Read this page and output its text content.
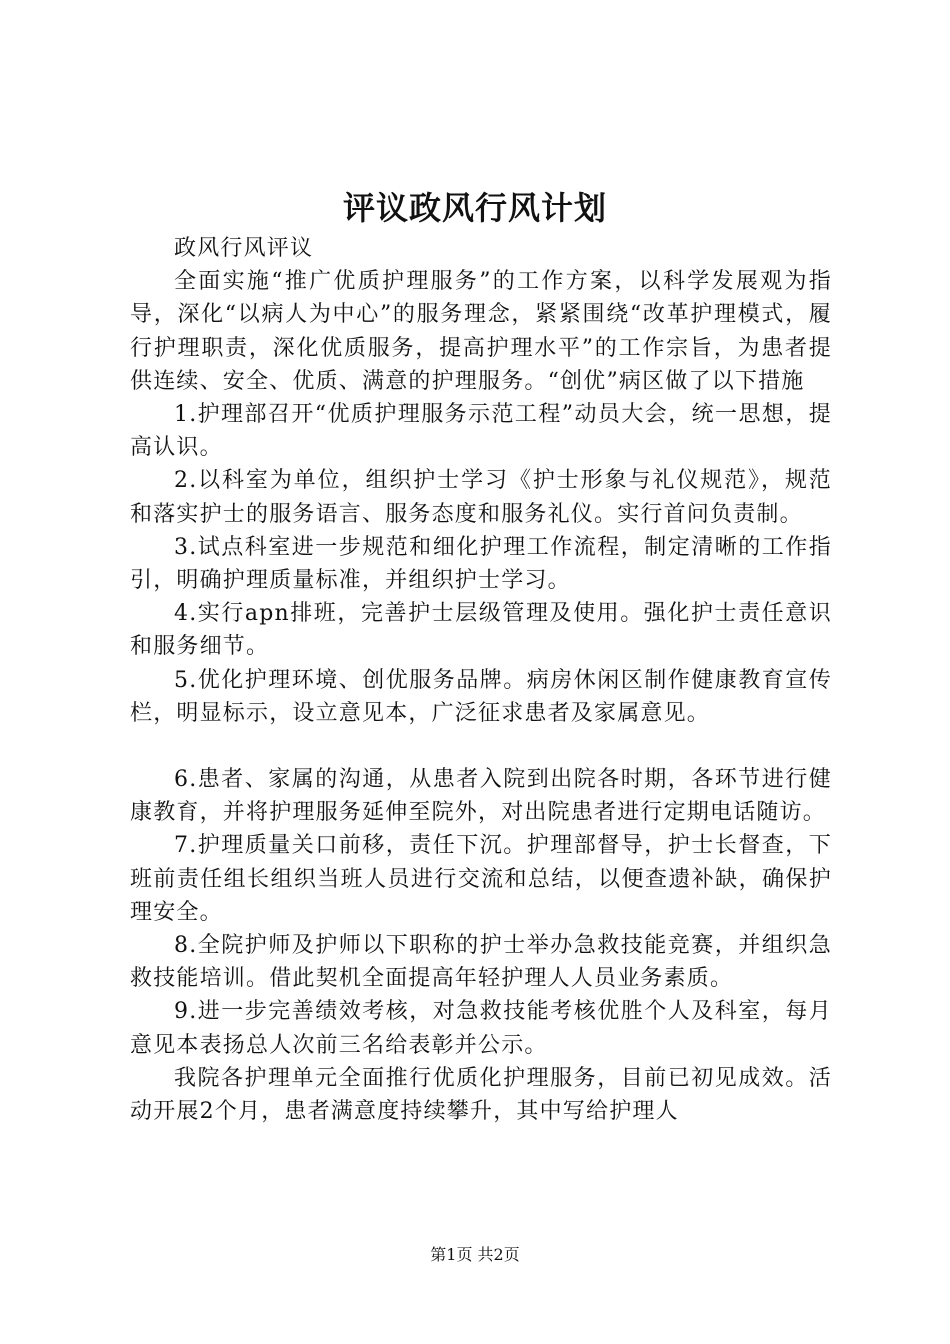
评议政风行风计划

政风行风评议

全面实施“推广优质护理服务”的工作方案，以科学发展观为指导，深化“以病人为中心”的服务理念，紧紧围绕“改革护理模式，履行护理职责，深化优质服务，提高护理水平”的工作宗旨，为患者提供连续、安全、优质、满意的护理服务。“创优”病区做了以下措施

1.护理部召开“优质护理服务示范工程”动员大会，统一思想，提高认识。

2.以科室为单位，组织护士学习《护士形象与礼仪规范》，规范和落实护士的服务语言、服务态度和服务礼仪。实行首问负责制。

3.试点科室进一步规范和细化护理工作流程，制定清晰的工作指引，明确护理质量标准，并组织护士学习。

4.实行apn排班，完善护士层级管理及使用。强化护士责任意识和服务细节。

5.优化护理环境、创优服务品牌。病房休闲区制作健康教育宣传栏，明显标示，设立意见本，广泛征求患者及家属意见。

6.患者、家属的沟通，从患者入院到出院各时期，各环节进行健康教育，并将护理服务延伸至院外，对出院患者进行定期电话随访。

7.护理质量关口前移，责任下沉。护理部督导，护士长督查，下班前责任组长组织当班人员进行交流和总结，以便查遗补缺，确保护理安全。

8.全院护师及护师以下职称的护士举办急救技能竞赛，并组织急救技能培训。借此契机全面提高年轻护理人人员业务素质。

9.进一步完善绩效考核，对急救技能考核优胜个人及科室，每月意见本表扬总人次前三名给表彰并公示。

我院各护理单元全面推行优质化护理服务，目前已初见成效。活动开展2个月，患者满意度持续攀升，其中写给护理人

第1页 共2页
